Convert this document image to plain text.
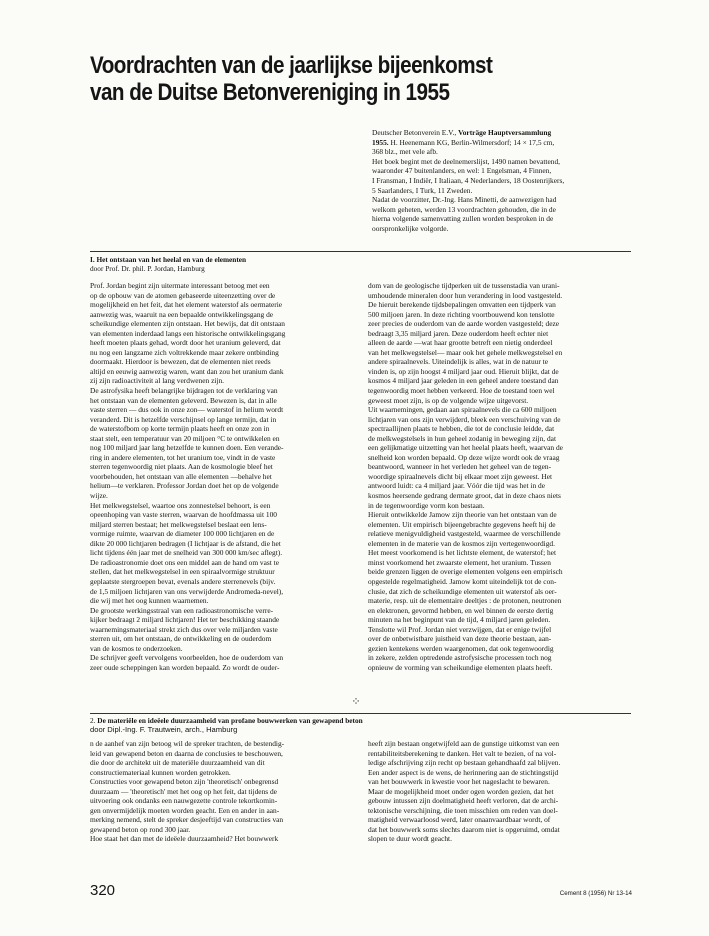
Voordrachten van de jaarlijkse bijeenkomst
van de Duitse Betonvereniging in 1955
Deutscher Betonverein E.V., Vorträge Hauptversammlung
1955. H. Heenemann KG, Berlin-Wilmersdorf; 14 × 17,5 cm,
368 blz., met vele afb.
Het boek begint met de deelnemerslijst, 1490 namen bevattend,
waaronder 47 buitenlanders, en wel: 1 Engelsman, 4 Finnen,
I Fransman, I Indiër, I Italiaan, 4 Nederlanders, 18 Oostenrijkers,
5 Saarlanders, I Turk, 11 Zweden.
Nadat de voorzitter, Dr.-Ing. Hans Minetti, de aanwezigen had
welkom geheten, werden 13 voordrachten gehouden, die in de
hierna volgende samenvatting zullen worden besproken in de
oorspronkelijke volgorde.
I. Het ontstaan van het heelal en van de elementen
door Prof. Dr. phil. P. Jordan, Hamburg
Prof. Jordan begint zijn uitermate interessant betoog met een
op de opbouw van de atomen gebaseerde uiteenzetting over de
mogelijkheid en het feit, dat het element waterstof als oermaterie
aanwezig was, waaruit na een bepaalde ontwikkelingsgang de
scheikundige elementen zijn ontstaan. Het bewijs, dat dit ontstaan
van elementen inderdaad langs een historische ontwikkelingsgang
heeft moeten plaats gehad, wordt door het uranium geleverd, dat
nu nog een langzame zich voltrekkende maar zekere ontbinding
doormaakt. Hierdoor is bewezen, dat de elementen niet reeds
altijd en eeuwig aanwezig waren, want dan zou het uranium dank
zij zijn radioactiviteit al lang verdwenen zijn.
De astrofysika heeft belangrijke bijdragen tot de verklaring van
het ontstaan van de elementen geleverd. Bewezen is, dat in alle
vaste sterren — dus ook in onze zon— waterstof in helium wordt
veranderd. Dit is hetzelfde verschijnsel op lange termijn, dat in
de waterstofbom op korte termijn plaats heeft en onze zon in
staat stelt, een temperatuur van 20 miljoen °C te ontwikkelen en
nog 100 miljard jaar lang hetzelfde te kunnen doen. Een verande-
ring in andere elementen, tot het uranium toe, vindt in de vaste
sterren tegenwoordig niet plaats. Aan de kosmologie bleef het
voorbehouden, het ontstaan van alle elementen —behalve het
helium—te verklaren. Professor Jordan doet het op de volgende
wijze.
Het melkwegstelsel, waartoe ons zonnestelsel behoort, is een
opeenhoping van vaste sterren, waarvan de hoofdmassa uit 100
miljard sterren bestaat; het melkwegstelsel beslaat een lens-
vormige ruimte, waarvan de diameter 100 000 lichtjaren en de
dikte 20 000 lichtjaren bedragen (I lichtjaar is de afstand, die het
licht tijdens één jaar met de snelheid van 300 000 km/sec aflegt).
De radioastronomie doet ons een middel aan de hand om vast te
stellen, dat het melkwegstelsel in een spiraalvormige struktuur
geplaatste stergroepen bevat, evenals andere sterrenevels (bijv.
de 1,5 miljoen lichtjaren van ons verwijderde Andromeda-nevel),
die wij met het oog kunnen waarnemen.
De grootste werkingsstraal van een radioastronomische verre-
kijker bedraagt 2 miljard lichtjaren! Het ter beschikking staande
waarnemingsmateriaal strekt zich dus over vele miljarden vaste
sterren uit, om het ontstaan, de ontwikkeling en de ouderdom
van de kosmos te onderzoeken.
De schrijver geeft vervolgens voorbeelden, hoe de ouderdom van
zeer oude scheppingen kan worden bepaald. Zo wordt de ouder-
dom van de geologische tijdperken uit de tussenstadia van urani-
umhoudende mineralen door hun verandering in lood vastgesteld.
De hieruit berekende tijdsbepalingen omvatten een tijdperk van
500 miljoen jaren. In deze richting voortbouwend kon tenslotte
zeer precies de ouderdom van de aarde worden vastgesteld; deze
bedraagt 3,35 miljard jaren. Deze ouderdom heeft echter niet
alleen de aarde —wat haar grootte betreft een nietig onderdeel
van het melkwegstelsel— maar ook het gehele melkwegstelsel en
andere spiraalnevels. Uiteindelijk is alles, wat in de natuur te
vinden is, op zijn hoogst 4 miljard jaar oud. Hieruit blijkt, dat de
kosmos 4 miljard jaar geleden in een geheel andere toestand dan
tegenwoordig moet hebben verkeerd. Hoe de toestand toen wel
geweest moet zijn, is op de volgende wijze uitgevorst.
Uit waarnemingen, gedaan aan spiraalnevels die ca 600 miljoen
lichtjaren van ons zijn verwijderd, bleek een verschuiving van de
spectraallijnen plaats te hebben, die tot de conclusie leidde, dat
de melkwegstelsels in hun geheel zodanig in beweging zijn, dat
een gelijkmatige uitzetting van het heelal plaats heeft, waarvan de
snelheid kon worden bepaald. Op deze wijze wordt ook de vraag
beantwoord, wanneer in het verleden het geheel van de tegen-
woordige spiraalnevels dicht bij elkaar moet zijn geweest. Het
antwoord luidt: ca 4 miljard jaar. Vóór die tijd was het in de
kosmos heersende gedrang dermate groot, dat in deze chaos niets
in de tegenwoordige vorm kon bestaan.
Hieruit ontwikkelde Jamow zijn theorie van het ontstaan van de
elementen. Uit empirisch bijeengebrachte gegevens heeft hij de
relatieve menigvuldigheid vastgesteld, waarmee de verschillende
elementen in de materie van de kosmos zijn vertegenwoordigd.
Het meest voorkomend is het lichtste element, de waterstof; het
minst voorkomend het zwaarste element, het uranium. Tussen
beide grenzen liggen de overige elementen volgens een empirisch
opgestelde regelmatigheid. Jamow komt uiteindelijk tot de con-
clusie, dat zich de scheikundige elementen uit waterstof als oer-
materie, resp. uit de elementaire deeltjes : de protonen, neutronen
en elektronen, gevormd hebben, en wel binnen de eerste dertig
minuten na het beginpunt van de tijd, 4 miljard jaren geleden.
Tenslotte wil Prof. Jordan niet verzwijgen, dat er enige twijfel
over de onbetwistbare juistheid van deze theorie bestaan, aan-
gezien kentekens werden waargenomen, dat ook tegenwoordig
in zekere, zelden optredende astrofysische processen toch nog
opnieuw de vorming van scheikundige elementen plaats heeft.
⁘
2. De materiële en ideëele duurzaamheid van profane bouwwerken van gewapend beton
door Dipl.-Ing. F. Trautwein, arch., Hamburg
n de aanhef van zijn betoog wil de spreker trachten, de bestendig-
leid van gewapend beton en daarna de conclusies te beschouwen,
die door de architekt uit de materiële duurzaamheid van dit
constructiemateriaal kunnen worden getrokken.
Constructies voor gewapend beton zijn 'theoretisch' onbegrensd
duurzaam — 'theoretisch' met het oog op het feit, dat tijdens de
uitvoering ook ondanks een nauwgezette controle tekortkomin-
gen onvermijdelijk moeten worden geacht. Een en ander in aan-
merking nemend, stelt de spreker desjeeftijd van constructies van
gewapend beton op rond 300 jaar.
Hoe staat het dan met de ideëele duurzaamheid? Het bouwwerk
heeft zijn bestaan ongetwijfeld aan de gunstige uitkomst van een
rentabiliteitsberekening te danken. Het valt te bezien, of na vol-
ledige afschrijving zijn recht op bestaan gehandhaafd zal blijven.
Een ander aspect is de wens, de herinnering aan de stichtingstijd
van het bouwwerk in kwestie voor het nageslacht te bewaren.
Maar de mogelijkheid moet onder ogen worden gezien, dat het
gebouw intussen zijn doelmatigheid heeft verloren, dat de archi-
tektonische verschijning, die toen misschien om reden van doel-
matigheid verwaarloosd werd, later onaanvaardbaar wordt, of
dat het bouwwerk soms slechts daarom niet is opgeruimd, omdat
slopen te duur wordt geacht.
320	Cement 8 (1956) Nr 13-14
